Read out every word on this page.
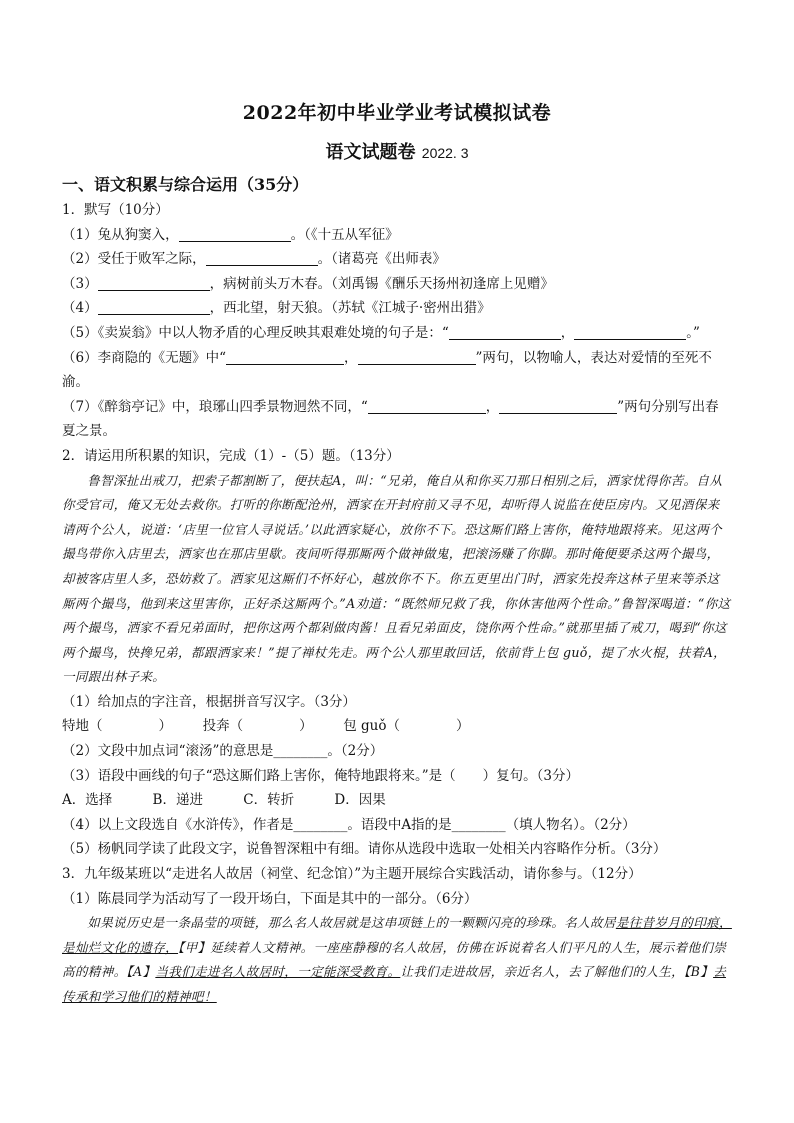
2022年初中毕业学业考试模拟试卷
语文试题卷 2022. 3
一、语文积累与综合运用（35分）
1．默写（10分）
（1）兔从狗窦入，	。（《十五从军征》
（2）受任于败军之际，	。（诸葛亮《出师表》
（3）	，病树前头万木春。（刘禹锡《酬乐天扬州初逢席上见赠》
（4）	，西北望，射天狼。（苏轼《江城子·密州出猎》
（5）《卖炭翁》中以人物矛盾的心理反映其艰难处境的句子是：“	，	。”
（6）李商隐的《无题》中“	，	”两句，以物喻人，表达对爱情的至死不
渝。
（7）《醉翁亭记》中，琅琊山四季景物迥然不同，“	，	”两句分别写出春
夏之景。
2．请运用所积累的知识，完成（1）-（5）题。（13分）
鲁智深扯出戒刀，把索子都割断了，便扶起A，叫：“兄弟，俺自从和你买刀那日相别之后，洒家忧得你苦。自从你受官司，俺又无处去救你。打听的你断配沧州，洒家在开封府前又寻不见，却听得人说监在使臣房内。又见酒保来请两个公人，说道：‘店里一位官人寻说话。’以此洒家疑心，放你不下。恐这厮们路上害你，俺特地跟将来。见这两个撮鸟带你入店里去，洒家也在那店里歇。夜间听得那厮两个做神做鬼，把滚汤赚了你脚。那时俺便要杀这两个撮鸟，却被客店里人多，恐妨救了。洒家见这厮们不怀好心，越放你不下。你五更里出门时，洒家先投奔这林子里来等杀这厮两个撮鸟，他到来这里害你，正好杀这厮两个。”A劝道：“既然师兄救了我，你休害他两个性命。”鲁智深喝道：“你这两个撮鸟，洒家不看兄弟面时，把你这两个都剁做肉酱！且看兄弟面皮，饶你两个性命。”就那里插了戒刀，喝到“你这两个撮鸟，快搀兄弟，都跟洒家来！”提了禅杖先走。两个公人那里敢回话，依前背上包 guǒ，提了水火棍，扶着A，一同跟出林子来。
（1）给加点的字注音，根据拼音写汉字。（3分）
特地（	） 投奔（	） 包 guǒ（	）
（2）文段中加点词“滚汤”的意思是________。（2分）
（3）语段中画线的句子“恐这厮们路上害你，俺特地跟将来。”是（　　）复句。（3分）
A．选择	B．递进	C．转折	D．因果
（4）以上文段选自《水浒传》，作者是________。语段中A指的是________（填人物名）。（2分）
（5）杨帆同学读了此段文字，说鲁智深粗中有细。请你从选段中选取一处相关内容略作分析。（3分）
3．九年级某班以“走进名人故居（祠堂、纪念馆）”为主题开展综合实践活动，请你参与。（12分）
（1）陈晨同学为活动写了一段开场白，下面是其中的一部分。（6分）
如果说历史是一条晶莹的项链，那么名人故居就是这串项链上的一颗颗闪亮的珍珠。名人故居是往昔岁月的印痕，是灿烂文化的遗存，【甲】延续着人文精神。一座座静穆的名人故居，仿佛在诉说着名人们平凡的人生，展示着他们崇高的精神。【A】当我们走进名人故居时，一定能深受教育。让我们走进故居，亲近名人，去了解他们的人生，【B】去传承和学习他们的精神吧！
